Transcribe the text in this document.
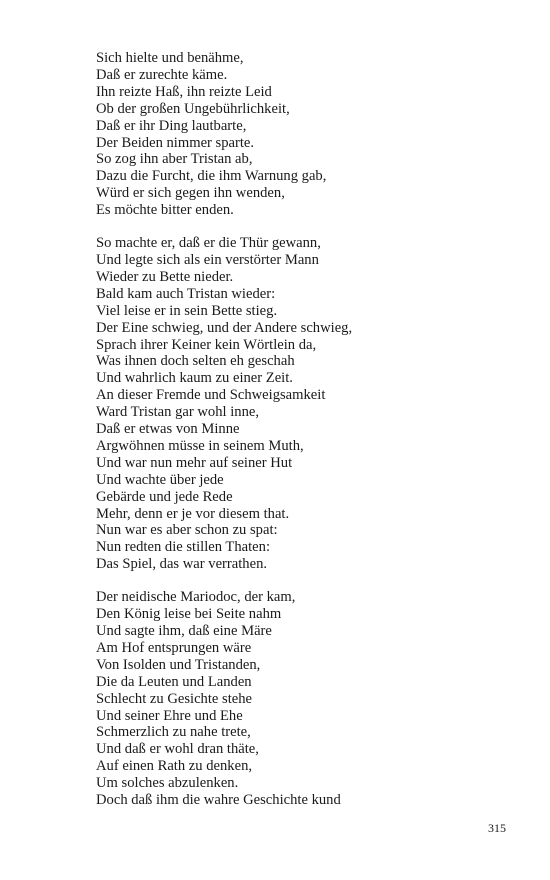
Sich hielte und benähme,
Daß er zurechte käme.
Ihn reizte Haß, ihn reizte Leid
Ob der großen Ungebührlichkeit,
Daß er ihr Ding lautbarte,
Der Beiden nimmer sparte.
So zog ihn aber Tristan ab,
Dazu die Furcht, die ihm Warnung gab,
Würd er sich gegen ihn wenden,
Es möchte bitter enden.
So machte er, daß er die Thür gewann,
Und legte sich als ein verstörter Mann
Wieder zu Bette nieder.
Bald kam auch Tristan wieder:
Viel leise er in sein Bette stieg.
Der Eine schwieg, und der Andere schwieg,
Sprach ihrer Keiner kein Wörtlein da,
Was ihnen doch selten eh geschah
Und wahrlich kaum zu einer Zeit.
An dieser Fremde und Schweigsamkeit
Ward Tristan gar wohl inne,
Daß er etwas von Minne
Argwöhnen müsse in seinem Muth,
Und war nun mehr auf seiner Hut
Und wachte über jede
Gebärde und jede Rede
Mehr, denn er je vor diesem that.
Nun war es aber schon zu spat:
Nun redten die stillen Thaten:
Das Spiel, das war verrathen.
Der neidische Mariodoc, der kam,
Den König leise bei Seite nahm
Und sagte ihm, daß eine Märe
Am Hof entsprungen wäre
Von Isolden und Tristanden,
Die da Leuten und Landen
Schlecht zu Gesichte stehe
Und seiner Ehre und Ehe
Schmerzlich zu nahe trete,
Und daß er wohl dran thäte,
Auf einen Rath zu denken,
Um solches abzulenken.
Doch daß ihm die wahre Geschichte kund
315
